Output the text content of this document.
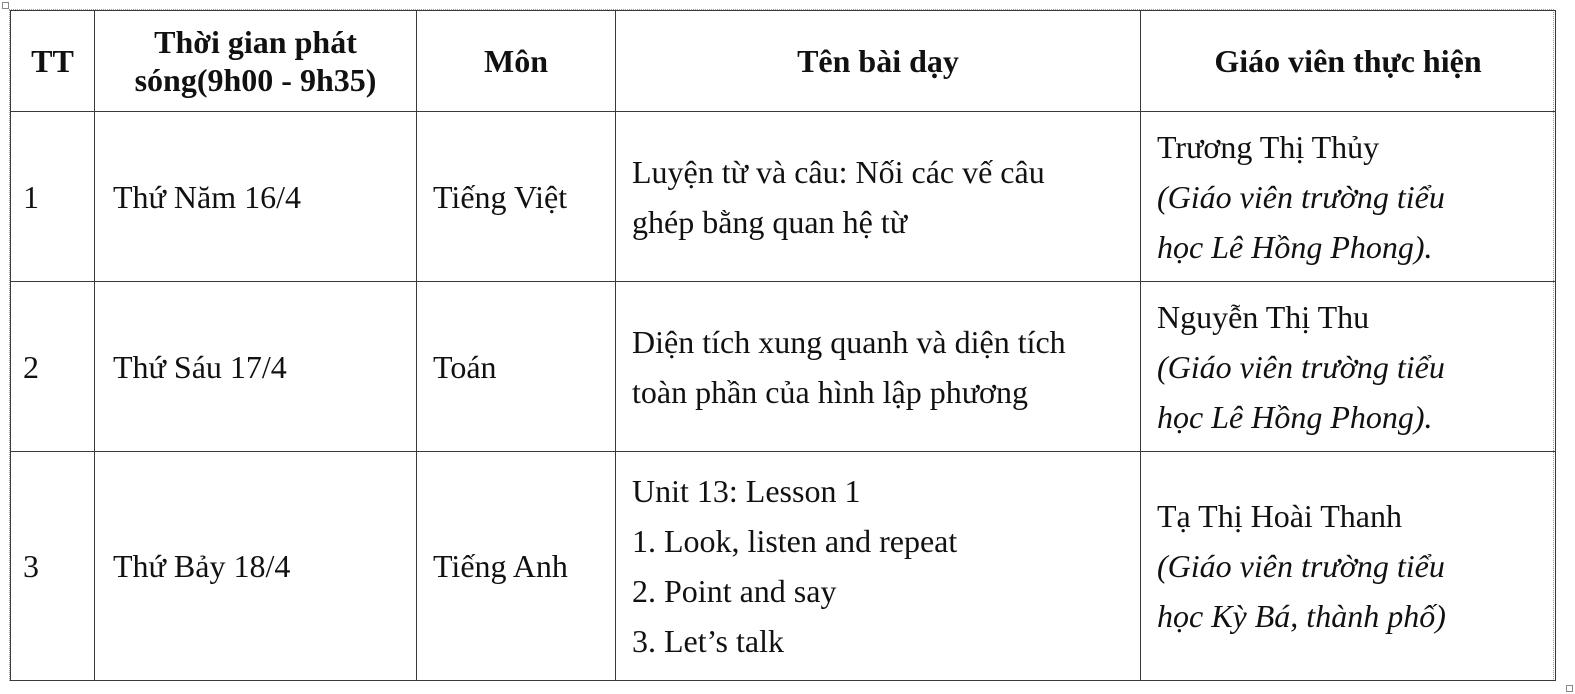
TT	Thời gian phát
sóng(9h00 - 9h35)	Môn	Tên bài dạy	Giáo viên thực hiện
1	Thứ Năm 16/4	Tiếng Việt	Luyện từ và câu: Nối các vế câu
ghép bằng quan hệ từ	Trương Thị Thủy
(Giáo viên trường tiểu
học Lê Hồng Phong).

2	Thứ Sáu 17/4	Toán	Diện tích xung quanh và diện tích
toàn phần của hình lập phương	Nguyễn Thị Thu
(Giáo viên trường tiểu
học Lê Hồng Phong).

3	Thứ Bảy 18/4	Tiếng Anh	Unit 13: Lesson 1
1. Look, listen and repeat
2. Point and say
3. Let’s talk	Tạ Thị Hoài Thanh
(Giáo viên trường tiểu
học Kỳ Bá, thành phố)
